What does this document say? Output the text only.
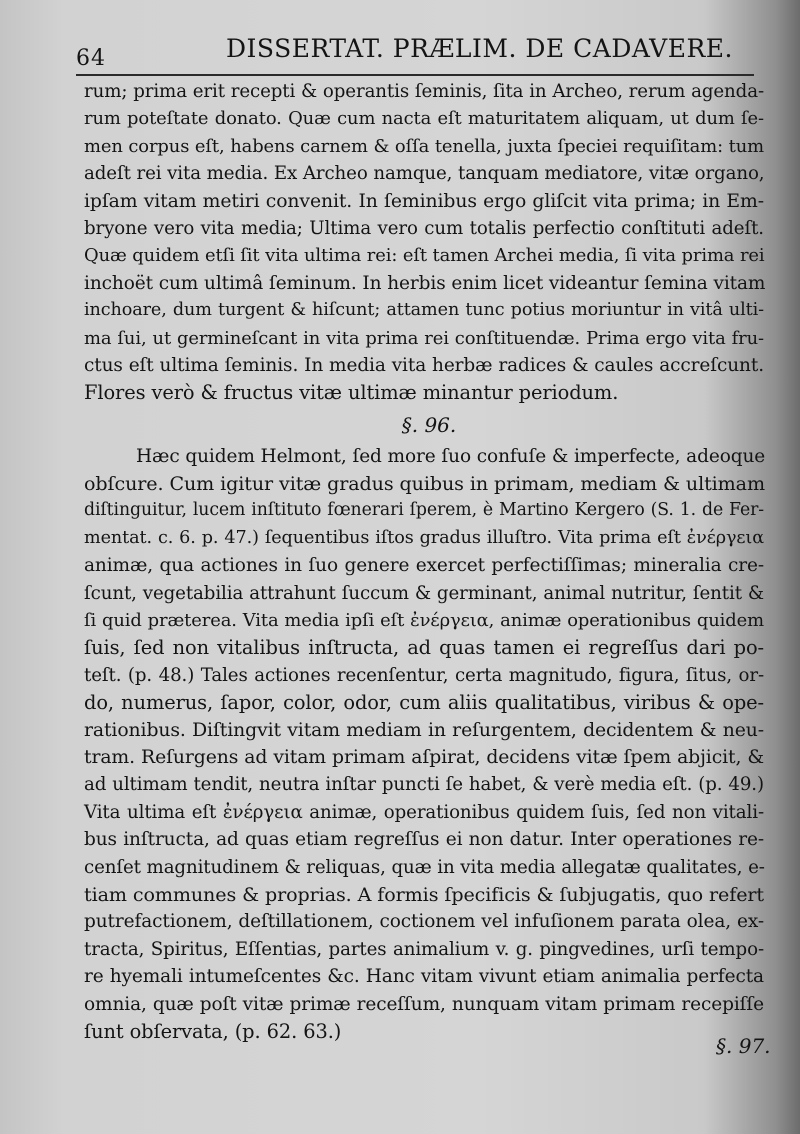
64	DISSERTAT. PRÆLIM. DE CADAVERE.
rum; prima erit recepti & operantis ſeminis, ſita in Archeo, rerum agenda-
rum poteſtate donato. Quæ cum nacta eſt maturitatem aliquam, ut dum ſe-
men corpus eſt, habens carnem & oſſa tenella, juxta ſpeciei requiſitam: tum
adeſt rei vita media. Ex Archeo namque, tanquam mediatore, vitæ organo,
ipſam vitam metiri convenit. In ſeminibus ergo gliſcit vita prima; in Em-
bryone vero vita media; Ultima vero cum totalis perfectio conſtituti adeſt.
Quæ quidem etſi ſit vita ultima rei: eſt tamen Archei media, ſi vita prima rei
inchoët cum ultimâ ſeminum. In herbis enim licet videantur ſemina vitam
inchoare, dum turgent & hiſcunt; attamen tunc potius moriuntur in vitâ ulti-
ma ſui, ut germineſcant in vita prima rei conſtituendæ. Prima ergo vita fru-
ctus eſt ultima ſeminis. In media vita herbæ radices & caules accreſcunt.
Flores verò & fructus vitæ ultimæ minantur periodum.
§. 96.
Hæc quidem Helmont, ſed more ſuo confuſe & imperfecte, adeoque
obſcure. Cum igitur vitæ gradus quibus in primam, mediam & ultimam
diſtinguitur, lucem inſtituto fœnerari ſperem, è Martino Kergero (S. 1. de Fer-
mentat. c. 6. p. 47.) ſequentibus iſtos gradus illuſtro. Vita prima eſt ἐνέργεια
animæ, qua actiones in ſuo genere exercet perfectiſſimas; mineralia cre-
ſcunt, vegetabilia attrahunt ſuccum & germinant, animal nutritur, ſentit &
ſi quid præterea. Vita media ipſi eſt ἐνέργεια, animæ operationibus quidem
ſuis, ſed non vitalibus inſtructa, ad quas tamen ei regreſſus dari po-
teſt. (p. 48.) Tales actiones recenſentur, certa magnitudo, figura, ſitus, or-
do, numerus, ſapor, color, odor, cum aliis qualitatibus, viribus & ope-
rationibus. Diſtingvit vitam mediam in reſurgentem, decidentem & neu-
tram. Reſurgens ad vitam primam aſpirat, decidens vitæ ſpem abjicit, &
ad ultimam tendit, neutra inſtar puncti ſe habet, & verè media eſt. (p. 49.)
Vita ultima eſt ἐνέργεια animæ, operationibus quidem ſuis, ſed non vitali-
bus inſtructa, ad quas etiam regreſſus ei non datur. Inter operationes re-
cenſet magnitudinem & reliquas, quæ in vita media allegatæ qualitates, e-
tiam communes & proprias. A formis ſpecificis & ſubjugatis, quo refert
putrefactionem, deſtillationem, coctionem vel infuſionem parata olea, ex-
tracta, Spiritus, Eſſentias, partes animalium v. g. pingvedines, urſi tempo-
re hyemali intumeſcentes &c. Hanc vitam vivunt etiam animalia perfecta
omnia, quæ poſt vitæ primæ receſſum, nunquam vitam primam recepiſſe
ſunt obſervata, (p. 62. 63.)
§. 97.
